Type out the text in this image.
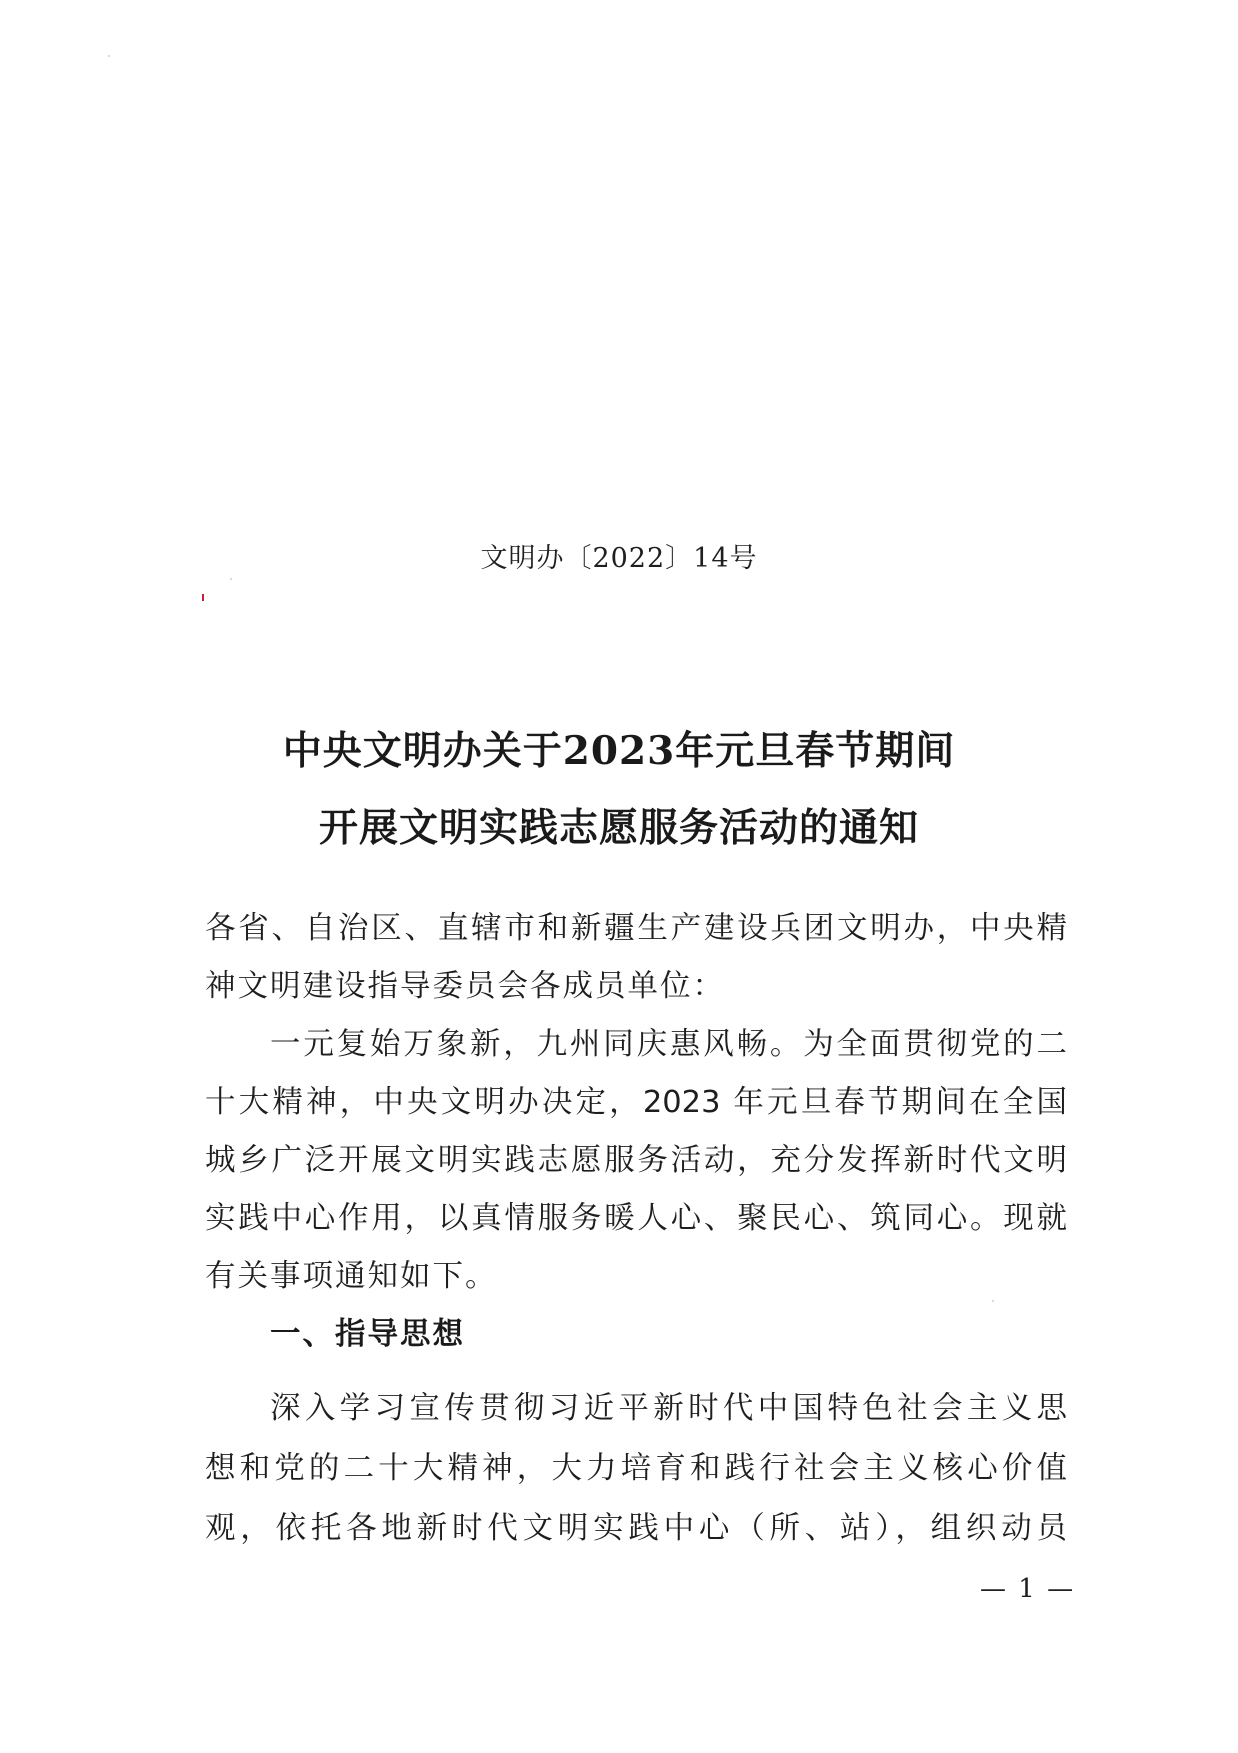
文明办〔2022〕14号
中央文明办关于2023年元旦春节期间
开展文明实践志愿服务活动的通知
各省、自治区、直辖市和新疆生产建设兵团文明办，中央精
神文明建设指导委员会各成员单位：
一元复始万象新，九州同庆惠风畅。为全面贯彻党的二
十大精神，中央文明办决定，2023 年元旦春节期间在全国
城乡广泛开展文明实践志愿服务活动，充分发挥新时代文明
实践中心作用，以真情服务暖人心、聚民心、筑同心。现就
有关事项通知如下。
一、指导思想
深入学习宣传贯彻习近平新时代中国特色社会主义思
想和党的二十大精神，大力培育和践行社会主义核心价值
观，依托各地新时代文明实践中心（所、站），组织动员
— 1 —
